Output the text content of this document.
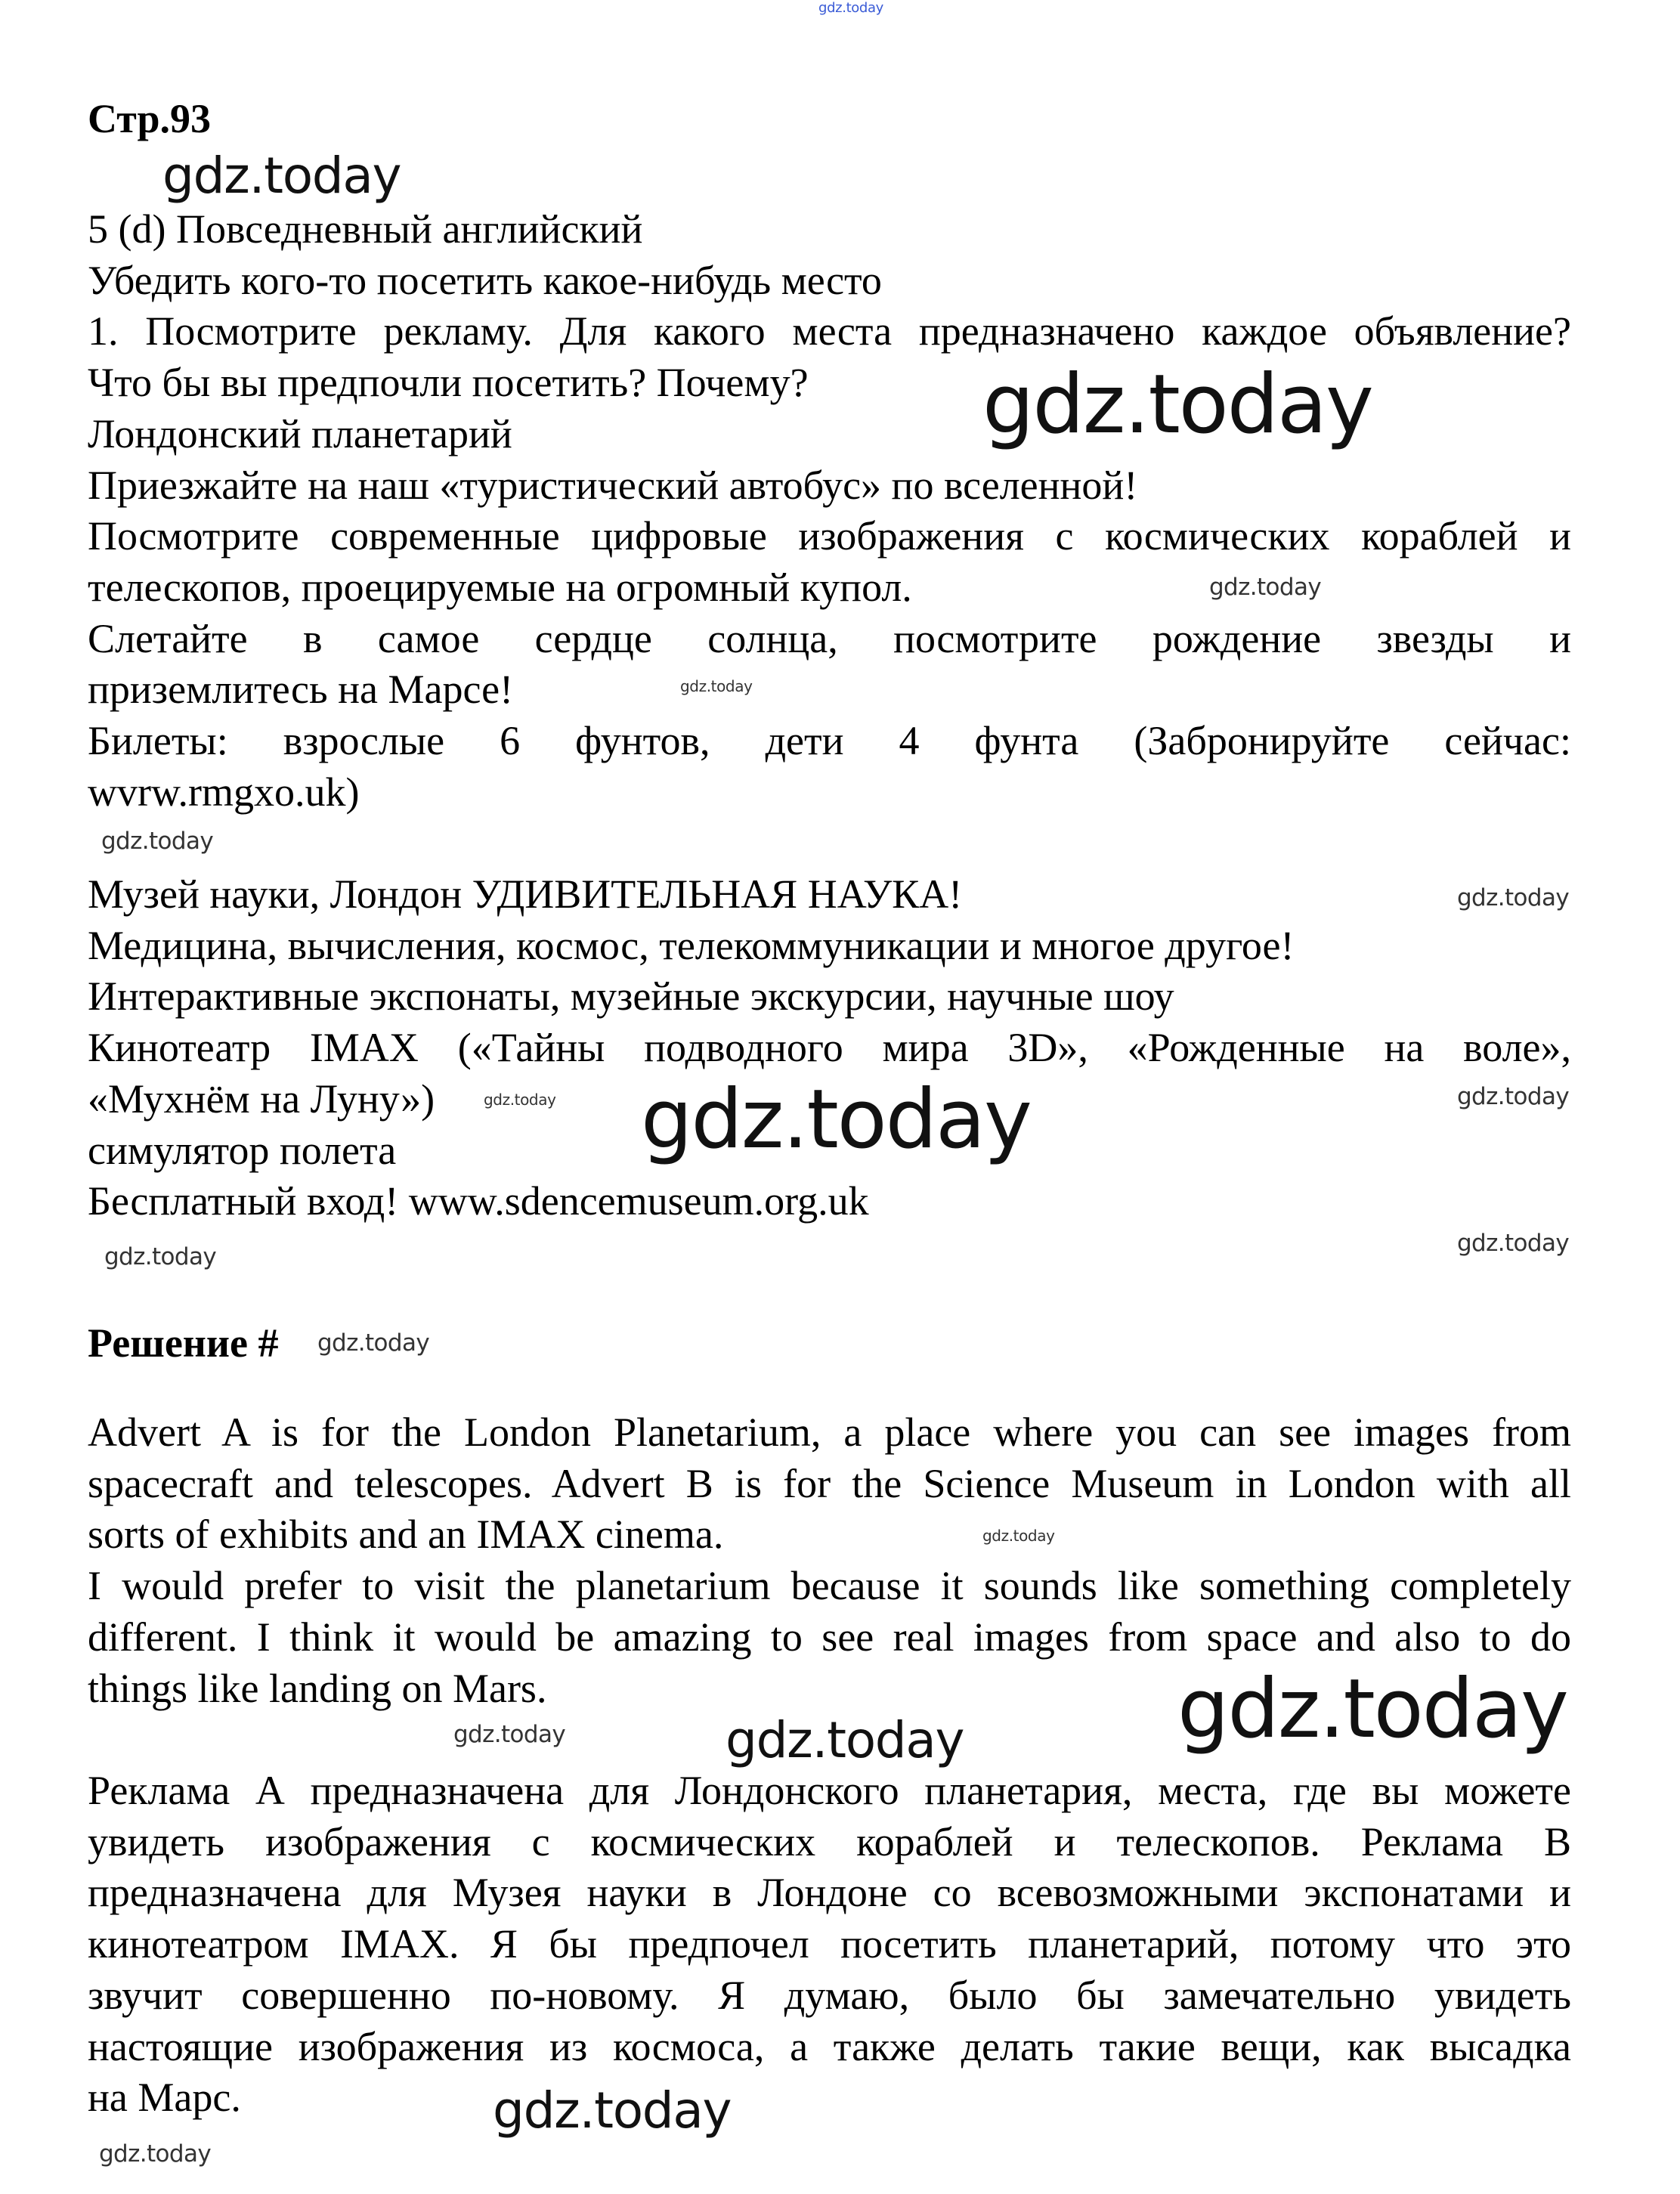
gdz.today
Стр.93
5 (d) Повседневный английский
Убедить кого-то посетить какое-нибудь место
1. Посмотрите рекламу. Для какого места предназначено каждое объявление?
Что бы вы предпочли посетить? Почему?
Лондонский планетарий
Приезжайте на наш «туристический автобус» по вселенной!
Посмотрите современные цифровые изображения с космических кораблей и
телескопов, проецируемые на огромный купол.
Слетайте в самое сердце солнца, посмотрите рождение звезды и
приземлитесь на Марсе!
Билеты: взрослые 6 фунтов, дети 4 фунта (Забронируйте сейчас:
wvrw.rmgxo.uk)
Музей науки, Лондон УДИВИТЕЛЬНАЯ НАУКА!
Медицина, вычисления, космос, телекоммуникации и многое другое!
Интерактивные экспонаты, музейные экскурсии, научные шоу
Кинотеатр IMAX («Тайны подводного мира 3D», «Рожденные на воле»,
«Мухнём на Луну»)
симулятор полета
Бесплатный вход! www.sdencemuseum.org.uk
Решение #
Advert A is for the London Planetarium, a place where you can see images from
spacecraft and telescopes. Advert B is for the Science Museum in London with all
sorts of exhibits and an IMAX cinema.
I would prefer to visit the planetarium because it sounds like something completely
different. I think it would be amazing to see real images from space and also to do
things like landing on Mars.
Реклама А предназначена для Лондонского планетария, места, где вы можете
увидеть изображения с космических кораблей и телескопов. Реклама В
предназначена для Музея науки в Лондоне со всевозможными экспонатами и
кинотеатром IMAX. Я бы предпочел посетить планетарий, потому что это
звучит совершенно по-новому. Я думаю, было бы замечательно увидеть
настоящие изображения из космоса, а также делать такие вещи, как высадка
на Марс.
gdz.today
gdz.today
gdz.today
gdz.today
gdz.today
gdz.today
gdz.today	gdz.today
gdz.today
gdz.today
gdz.today
gdz.today
gdz.today
gdz.today
gdz.today
gdz.today
gdz.today
gdz.today
